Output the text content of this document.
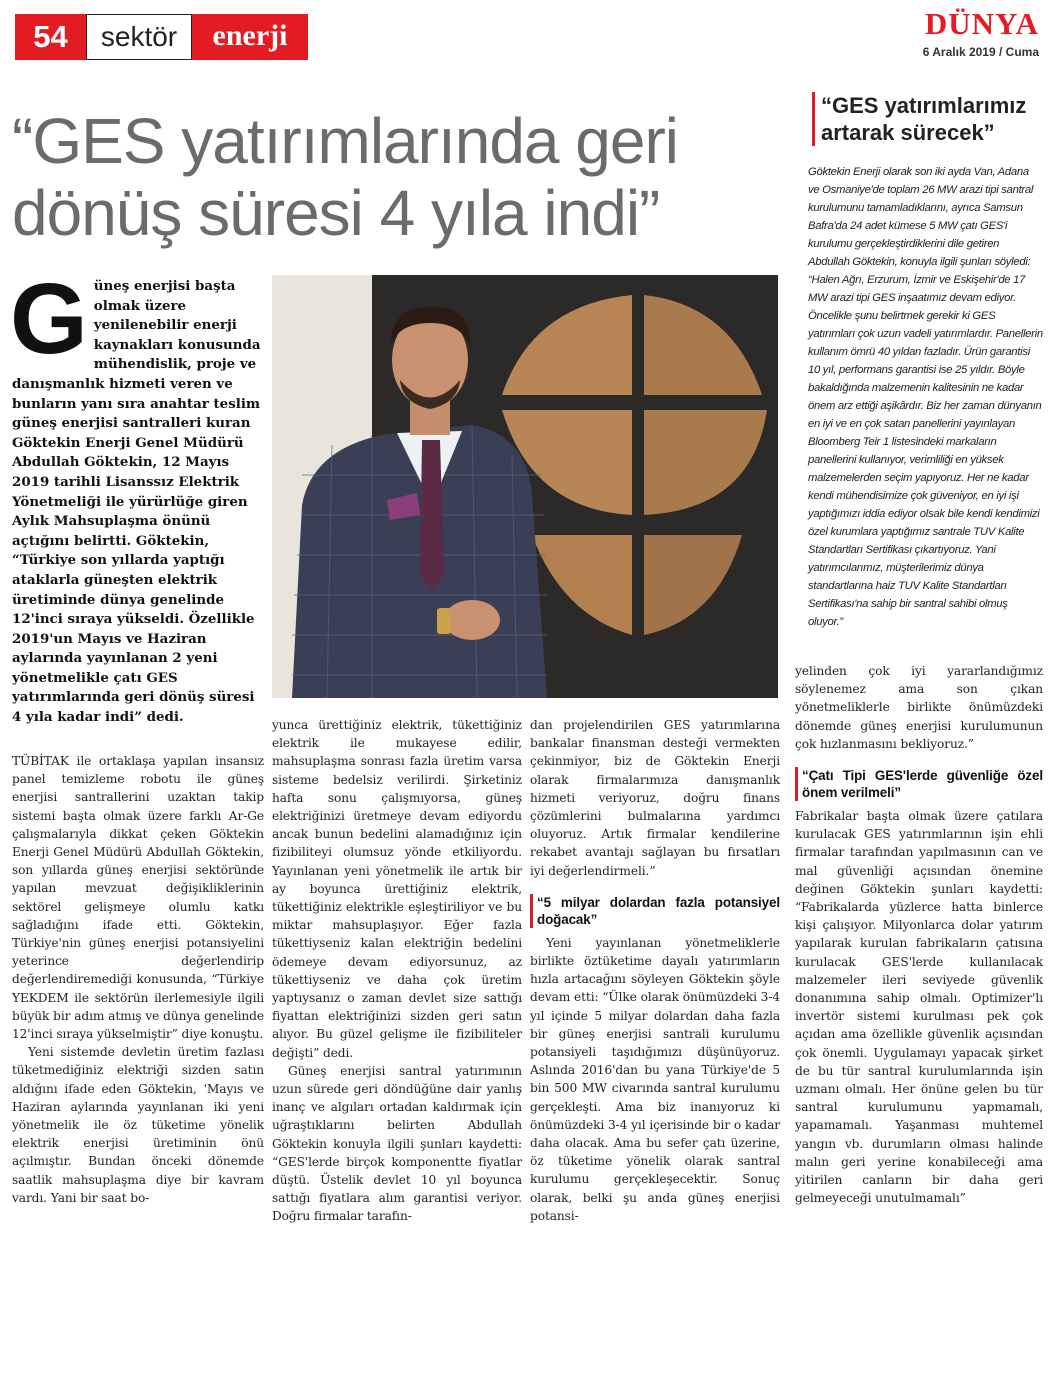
54	sektör	enerji	DÜNYA
6 Aralık 2019 / Cuma
“GES yatırımlarında geri dönüş süresi 4 yıla indi”
“GES yatırımlarımız artarak sürecek”
Göktekin Enerji olarak son iki ayda Van, Adana ve Osmaniye'de toplam 26 MW arazi tipi santral kurulumunu tamamladıklarını, ayrıca Samsun Bafra'da 24 adet kümese 5 MW çatı GES'i kurulumu gerçekleştirdiklerini dile getiren Abdullah Göktekin, konuyla ilgili şunları söyledi: “Halen Ağrı, Erzurum, İzmir ve Eskişehir'de 17 MW arazi tipi GES inşaatımız devam ediyor. Öncelikle şunu belirtmek gerekir ki GES yatırımları çok uzun vadeli yatırımlardır. Panellerin kullanım ömrü 40 yıldan fazladır. Ürün garantisi 10 yıl, performans garantisi ise 25 yıldır. Böyle bakaldığında malzemenin kalitesinin ne kadar önem arz ettiği aşikârdır. Biz her zaman dünyanın en iyi ve en çok satan panellerini yayınlayan Bloomberg Teir 1 listesindeki markaların panellerini kullanıyor, verimliliği en yüksek malzemelerden seçim yapıyoruz. Her ne kadar kendi mühendisimize çok güveniyor, en iyi işi yaptığımızı iddia ediyor olsak bile kendi kendimizi özel kurumlara yaptığımız santrale TUV Kalite Standartları Sertifikası çıkartıyoruz. Yani yatırımcılarımız, müşterilerimiz dünya standartlarına haiz TUV Kalite Standartları Sertifikası'na sahip bir santral sahibi olmuş oluyor.”
G üneş enerjisi başta olmak üzere yenilenebilir enerji kaynakları konusunda mühendislik, proje ve danışmanlık hizmeti veren ve bunların yanı sıra anahtar teslim güneş enerjisi santralleri kuran Göktekin Enerji Genel Müdürü Abdullah Göktekin, 12 Mayıs 2019 tarihli Lisanssız Elektrik Yönetmeliği ile yürürlüğe giren Aylık Mahsuplaşma önünü açtığını belirtti. Göktekin, “Türkiye son yıllarda yaptığı ataklarla güneşten elektrik üretiminde dünya genelinde 12'inci sıraya yükseldi. Özellikle 2019'un Mayıs ve Haziran aylarında yayınlanan 2 yeni yönetmelikle çatı GES yatırımlarında geri dönüş süresi 4 yıla kadar indi” dedi.

TÜBİTAK ile ortaklaşa yapılan insansız panel temizleme robotu ile güneş enerjisi santrallerini uzaktan takip sistemi başta olmak üzere farklı Ar-Ge çalışmalarıyla dikkat çeken Göktekin Enerji Genel Müdürü Abdullah Göktekin, son yıllarda güneş enerjisi sektöründe yapılan mevzuat değişikliklerinin sektörel gelişmeye olumlu katkı sağladığını ifade etti. Göktekin, Türkiye'nin güneş enerjisi potansiyelini yeterince değerlendirip değerlendiremediği konusunda, “Türkiye YEKDEM ile sektörün ilerlemesiyle ilgili büyük bir adım atmış ve dünya genelinde 12'inci sıraya yükselmiştir” diye konuştu.

Yeni sistemde devletin üretim fazlası tüketmediğiniz elektriği sizden satın aldığını ifade eden Göktekin, 'Mayıs ve Haziran aylarında yayınlanan iki yeni yönetmelik ile öz tüketime yönelik elektrik enerjisi üretiminin önü açılmıştır. Bundan önceki dönemde saatlik mahsuplaşma diye bir kavram vardı. Yani bir saat bo-

yunca ürettiğiniz elektrik, tükettiğiniz elektrik ile mukayese edilir, mahsuplaşma sonrası fazla üretim varsa sisteme bedelsiz verilirdi. Şirketiniz hafta sonu çalışmıyorsa, güneş elektriğinizi üretmeye devam ediyordu ancak bunun bedelini alamadığınız için fizibiliteyi olumsuz yönde etkiliyordu. Yayınlanan yeni yönetmelik ile artık bir ay boyunca ürettiğiniz elektrik, tükettiğiniz elektrikle eşleştiriliyor ve bu miktar mahsuplaşıyor. Eğer fazla tükettiyseniz kalan elektriğin bedelini ödemeye devam ediyorsunuz, az tükettiyseniz ve daha çok üretim yaptıysanız o zaman devlet size sattığı fiyattan elektriğinizi sizden geri satın alıyor. Bu güzel gelişme ile fizibiliteler değişti” dedi.

Güneş enerjisi santral yatırımının uzun sürede geri döndüğüne dair yanlış inanç ve algıları ortadan kaldırmak için uğraştıklarını belirten Abdullah Göktekin konuyla ilgili şunları kaydetti: “GES'lerde birçok komponentte fiyatlar düştü. Üstelik devlet 10 yıl boyunca sattığı fiyatlara alım garantisi veriyor. Doğru firmalar tarafın-

dan projelendirilen GES yatırımlarına bankalar finansman desteği vermekten çekinmiyor, biz de Göktekin Enerji olarak firmalarımıza danışmanlık hizmeti veriyoruz, doğru finans çözümlerini bulmalarına yardımcı oluyoruz. Artık firmalar kendilerine rekabet avantajı sağlayan bu fırsatları iyi değerlendirmeli.”

“5 milyar dolardan fazla potansiyel doğacak”

Yeni yayınlanan yönetmeliklerle birlikte öztüketime dayalı yatırımların hızla artacağını söyleyen Göktekin şöyle devam etti: “Ülke olarak önümüzdeki 3-4 yıl içinde 5 milyar dolardan daha fazla bir güneş enerjisi santrali kurulumu potansiyeli taşıdığımızı düşünüyoruz. Aslında 2016'dan bu yana Türkiye'de 5 bin 500 MW civarında santral kurulumu gerçekleşti. Ama biz inanıyoruz ki önümüzdeki 3-4 yıl içerisinde bir o kadar daha olacak. Ama bu sefer çatı üzerine, öz tüketime yönelik olarak santral kurulumu gerçekleşecektir. Sonuç olarak, belki şu anda güneş enerjisi potansi-

yelinden çok iyi yararlandığımız söylenemez ama son çıkan yönetmeliklerle birlikte önümüzdeki dönemde güneş enerjisi kurulumunun çok hızlanmasını bekliyoruz.”

“Çatı Tipi GES'lerde güvenliğe özel önem verilmeli”

Fabrikalar başta olmak üzere çatılara kurulacak GES yatırımlarının işin ehli firmalar tarafından yapılmasının can ve mal güvenliği açısından önemine değinen Göktekin şunları kaydetti: “Fabrikalarda yüzlerce hatta binlerce kişi çalışıyor. Milyonlarca dolar yatırım yapılarak kurulan fabrikaların çatısına kurulacak GES'lerde kullanılacak malzemeler ileri seviyede güvenlik donanımına sahip olmalı. Optimizer'lı invertör sistemi kurulması pek çok açıdan ama özellikle güvenlik açısından çok önemli. Uygulamayı yapacak şirket de bu tür santral kurulumlarında işin uzmanı olmalı. Her önüne gelen bu tür santral kurulumunu yapmamalı, yapamamalı. Yaşanması muhtemel yangın vb. durumların olması halinde malın geri yerine konabileceği ama yitirilen canların bir daha geri gelmeyeceği unutulmamalı”
